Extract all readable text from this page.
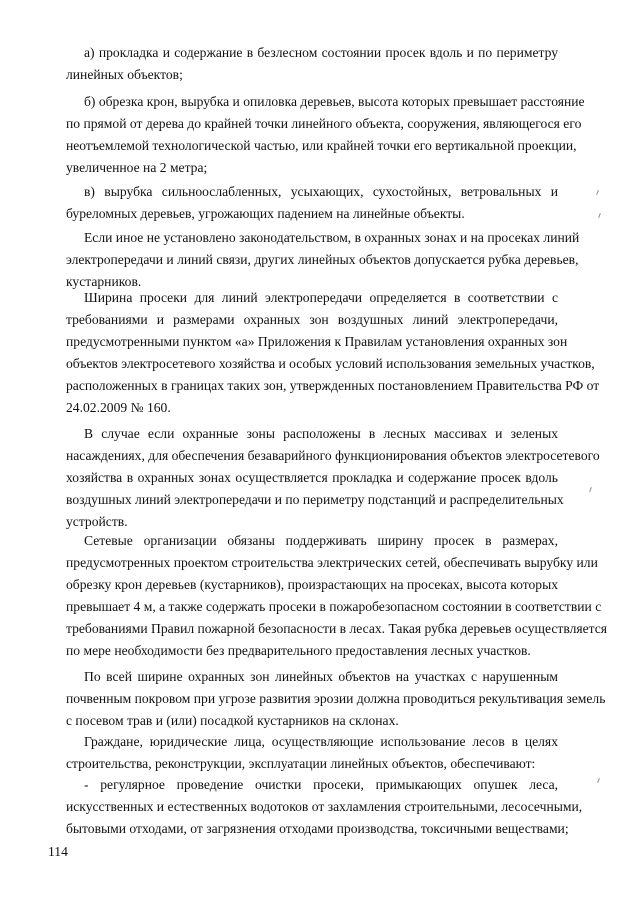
а) прокладка и содержание в безлесном состоянии просек вдоль и по периметру
линейных объектов;
б) обрезка крон, вырубка и опиловка деревьев, высота которых превышает расстояние
по прямой от дерева до крайней точки линейного объекта, сооружения, являющегося его
неотъемлемой технологической частью, или крайней точки его вертикальной проекции,
увеличенное на 2 метра;
в) вырубка сильноослабленных, усыхающих, сухостойных, ветровальных и
буреломных деревьев, угрожающих падением на линейные объекты.
Если иное не установлено законодательством, в охранных зонах и на просеках линий
электропередачи и линий связи, других линейных объектов допускается рубка деревьев,
кустарников.
Ширина просеки для линий электропередачи определяется в соответствии с
требованиями и размерами охранных зон воздушных линий электропередачи,
предусмотренными пунктом «а» Приложения к Правилам установления охранных зон
объектов электросетевого хозяйства и особых условий использования земельных участков,
расположенных в границах таких зон, утвержденных постановлением Правительства РФ от
24.02.2009 № 160.
В случае если охранные зоны расположены в лесных массивах и зеленых
насаждениях, для обеспечения безаварийного функционирования объектов электросетевого
хозяйства в охранных зонах осуществляется прокладка и содержание просек вдоль
воздушных линий электропередачи и по периметру подстанций и распределительных
устройств.
Сетевые организации обязаны поддерживать ширину просек в размерах,
предусмотренных проектом строительства электрических сетей, обеспечивать вырубку или
обрезку крон деревьев (кустарников), произрастающих на просеках, высота которых
превышает 4 м, а также содержать просеки в пожаробезопасном состоянии в соответствии с
требованиями Правил пожарной безопасности в лесах. Такая рубка деревьев осуществляется
по мере необходимости без предварительного предоставления лесных участков.
По всей ширине охранных зон линейных объектов на участках с нарушенным
почвенным покровом при угрозе развития эрозии должна проводиться рекультивация земель
с посевом трав и (или) посадкой кустарников на склонах.
Граждане, юридические лица, осуществляющие использование лесов в целях
строительства, реконструкции, эксплуатации линейных объектов, обеспечивают:
- регулярное проведение очистки просеки, примыкающих опушек леса,
искусственных и естественных водотоков от захламления строительными, лесосечными,
бытовыми отходами, от загрязнения отходами производства, токсичными веществами;
114
